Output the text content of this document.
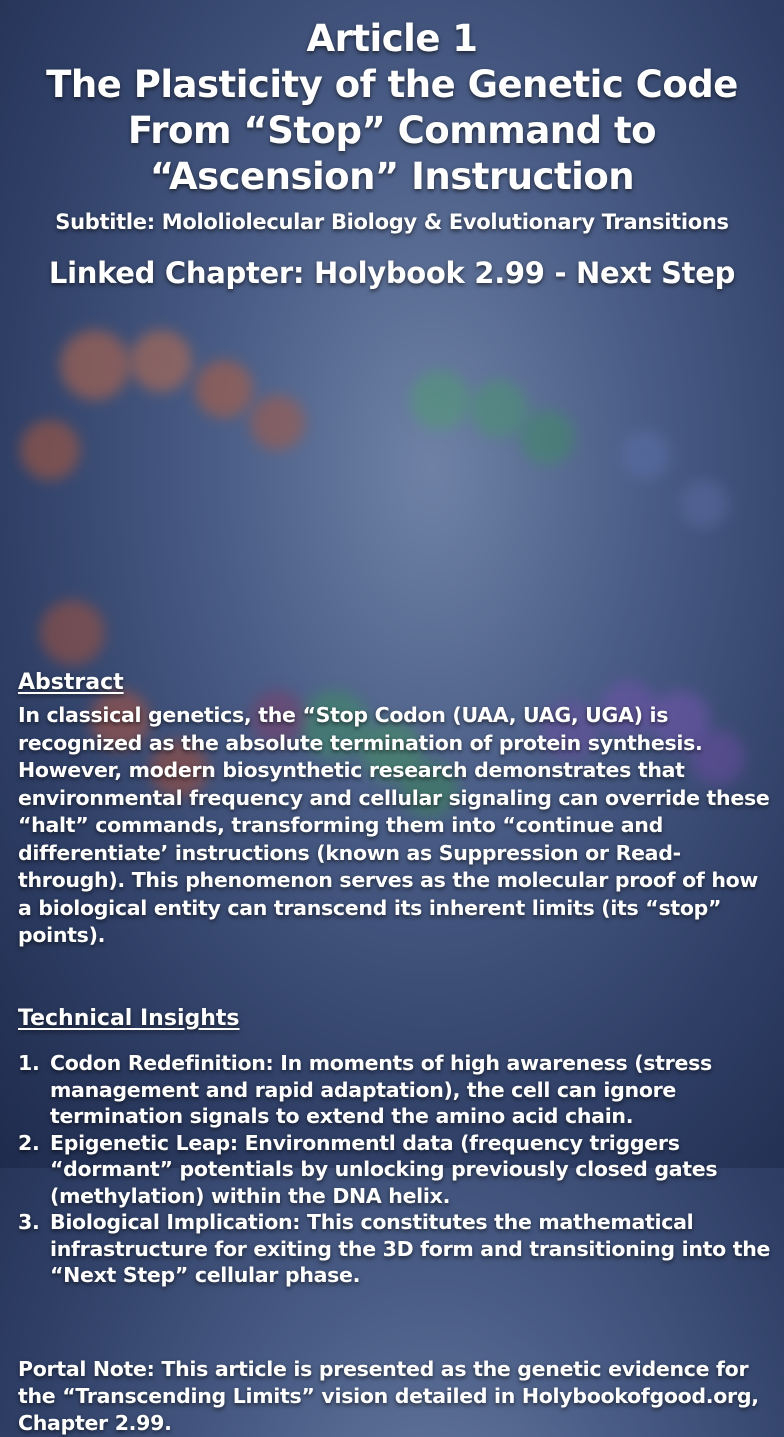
Article 1
The Plasticity of the Genetic Code
From “Stop” Command to
“Ascension” Instruction
Subtitle: Mololiolecular Biology & Evolutionary Transitions
Linked Chapter: Holybook 2.99 - Next Step
Abstract
In classical genetics, the “Stop Codon (UAA, UAG, UGA) is recognized as the absolute termination of protein synthesis. However, modern biosynthetic research demonstrates that environmental frequency and cellular signaling can override these “halt” commands, transforming them into “continue and differentiate’ instructions (known as Suppression or Read-through). This phenomenon serves as the molecular proof of how a biological entity can transcend its inherent limits (its “stop” points).
Technical Insights
1. Codon Redefinition: In moments of high awareness (stress management and rapid adaptation), the cell can ignore termination signals to extend the amino acid chain.
2. Epigenetic Leap: Environmentl data (frequency triggers “dormant” potentials by unlocking previously closed gates (methylation) within the DNA helix.
3. Biological Implication: This constitutes the mathematical infrastructure for exiting the 3D form and transitioning into the “Next Step” cellular phase.
Portal Note: This article is presented as the genetic evidence for the “Transcending Limits” vision detailed in Holybookofgood.org, Chapter 2.99.
